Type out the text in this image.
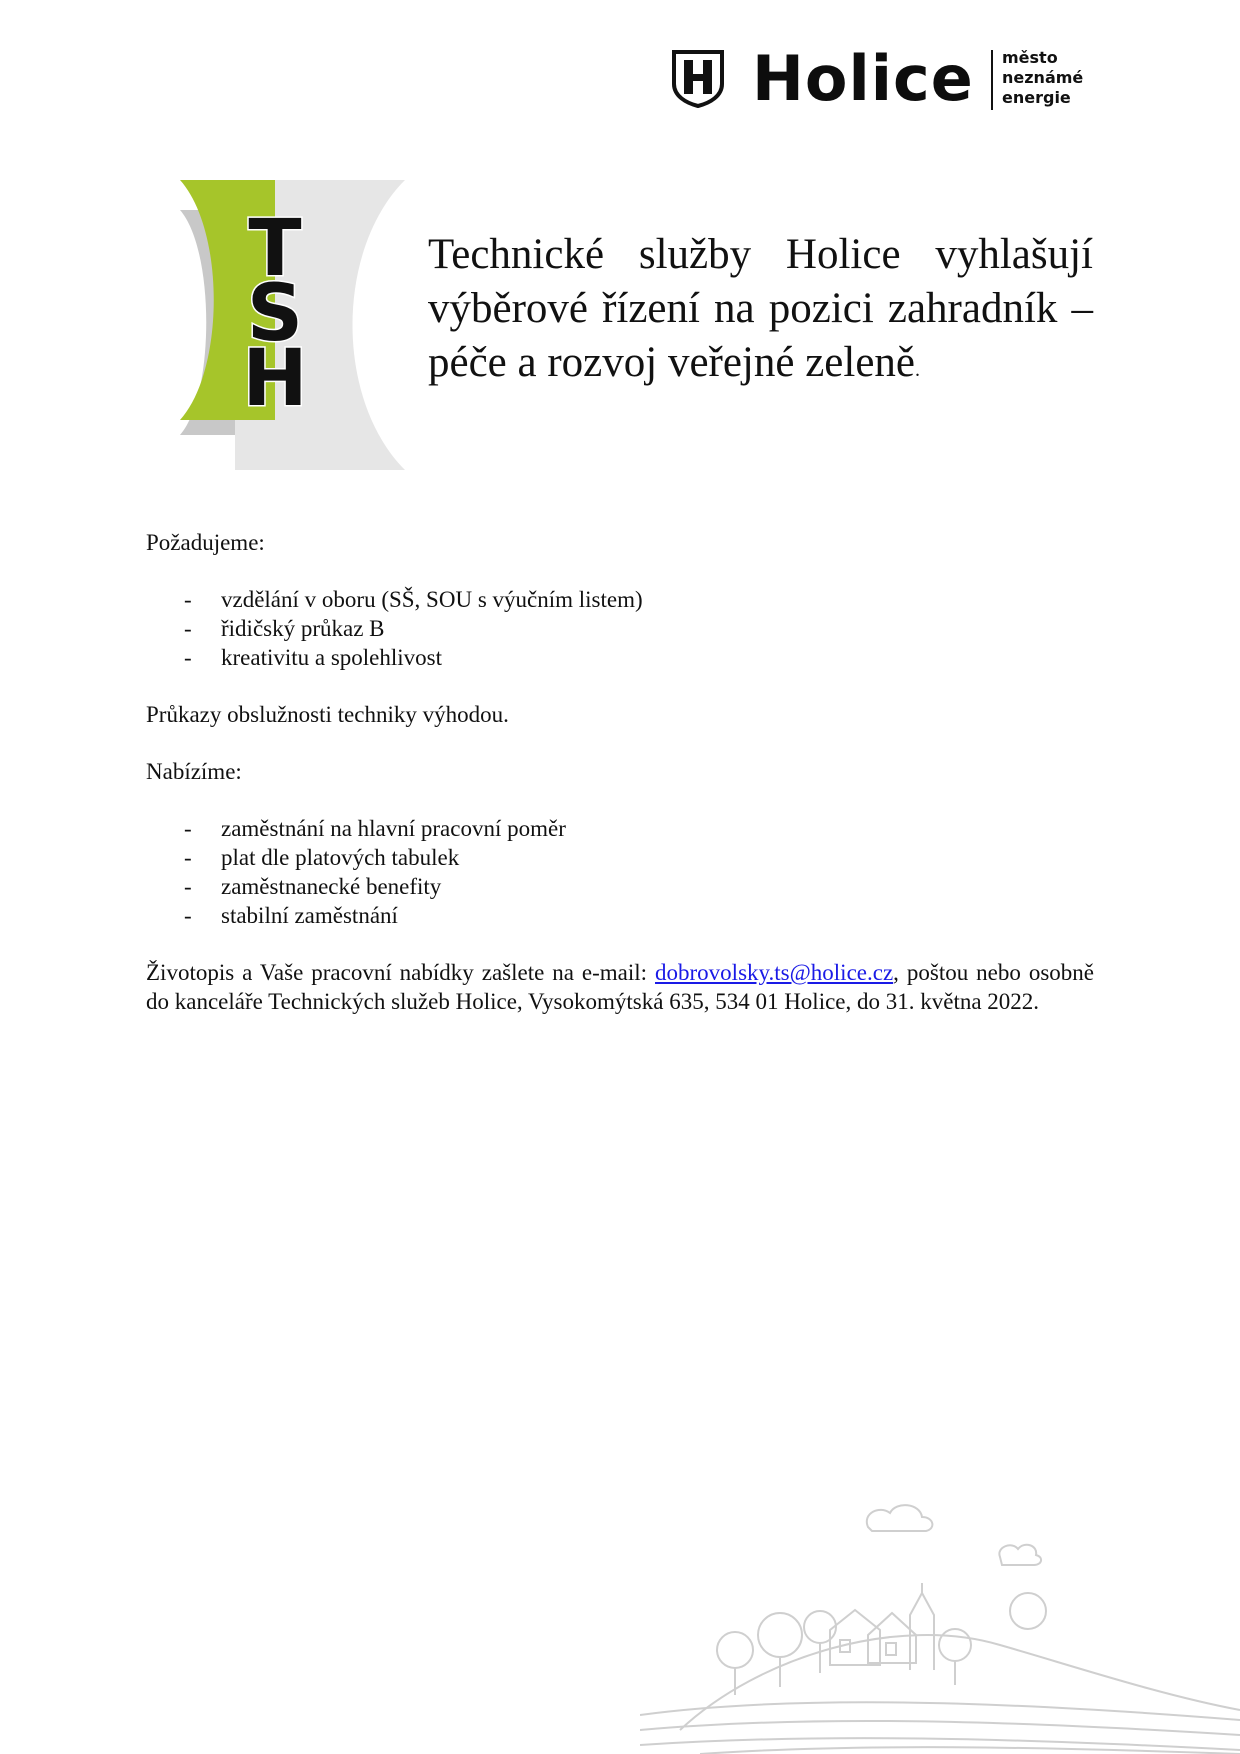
Holice město
neznámé
energie
T
S
H
Technické služby Holice vyhlašují výběrové řízení na pozici zahradník – péče a rozvoj veřejné zeleně.

Požadujeme:

- vzdělání v oboru (SŠ, SOU s výučním listem)
- řidičský průkaz B
- kreativitu a spolehlivost

Průkazy obslužnosti techniky výhodou.

Nabízíme:

- zaměstnání na hlavní pracovní poměr
- plat dle platových tabulek
- zaměstnanecké benefity
- stabilní zaměstnání

Životopis a Vaše pracovní nabídky zašlete na e-mail: dobrovolsky.ts@holice.cz, poštou nebo osobně do kanceláře Technických služeb Holice, Vysokomýtská 635, 534 01 Holice, do 31. května 2022.
